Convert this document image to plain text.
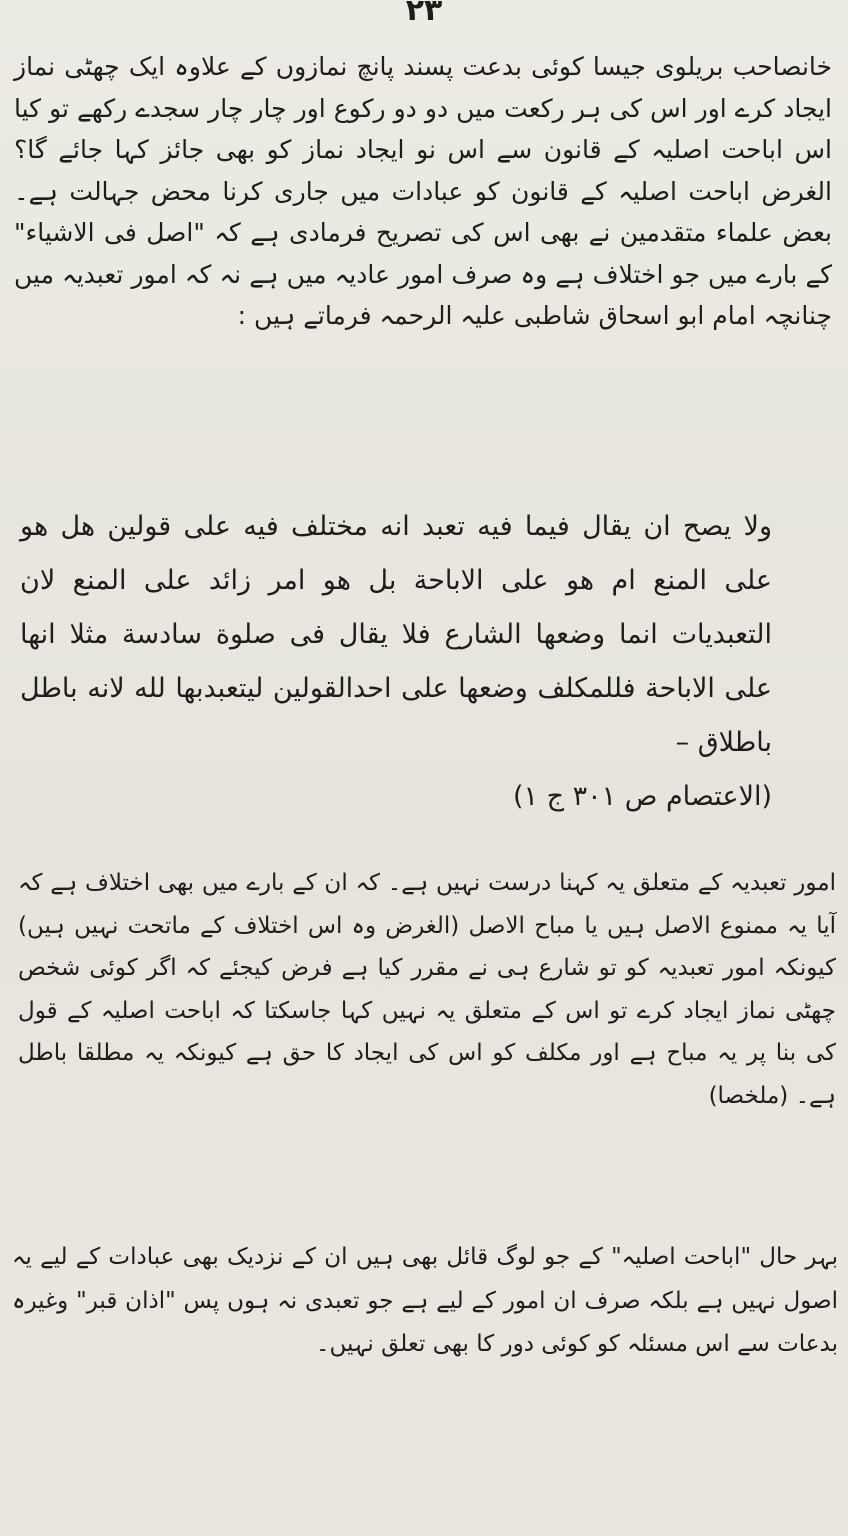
٢٣

خانصاحب بریلوی جیسا کوئی بدعت پسند پانچ نمازوں کے علاوہ ایک چھٹی نماز ایجاد کرے اور اس کی ہر رکعت میں دو دو رکوع اور چار چار سجدے رکھے تو کیا اس اباحت اصلیہ کے قانون سے اس نو ایجاد نماز کو بھی جائز کہا جائے گا؟ الغرض اباحت اصلیہ کے قانون کو عبادات میں جاری کرنا محض جہالت ہے۔ بعض علماء متقدمین نے بھی اس کی تصریح فرمادی ہے کہ "اصل فی الاشیاء" کے بارے میں جو اختلاف ہے وہ صرف امور عادیہ میں ہے نہ کہ امور تعبدیہ میں چنانچہ امام ابو اسحاق شاطبی علیہ الرحمہ فرماتے ہیں :

ولا يصح ان يقال فيما فيه تعبد انه مختلف فيه على قولين هل هو على المنع ام هو على الاباحة بل هو امر زائد على المنع لان التعبديات انما وضعها الشارع فلا يقال فى صلوة سادسة مثلا انها على الاباحة فللمكلف وضعها على احدالقولين ليتعبدبها لله لانه باطل باطلاق –
(الاعتصام ص ۳۰۱ ج ۱)

امور تعبدیہ کے متعلق یہ کہنا درست نہیں ہے۔ کہ ان کے بارے میں بھی اختلاف ہے کہ آیا یہ ممنوع الاصل ہیں یا مباح الاصل (الغرض وہ اس اختلاف کے ماتحت نہیں ہیں) کیونکہ امور تعبدیہ کو تو شارع ہی نے مقرر کیا ہے فرض کیجئے کہ اگر کوئی شخص چھٹی نماز ایجاد کرے تو اس کے متعلق یہ نہیں کہا جاسکتا کہ اباحت اصلیہ کے قول کی بنا پر یہ مباح ہے اور مکلف کو اس کی ایجاد کا حق ہے کیونکہ یہ مطلقا باطل ہے۔ (ملخصا)

بہر حال "اباحت اصلیہ" کے جو لوگ قائل بھی ہیں ان کے نزدیک بھی عبادات کے لیے یہ اصول نہیں ہے بلکہ صرف ان امور کے لیے ہے جو تعبدی نہ ہوں پس "اذان قبر" وغیرہ بدعات سے اس مسئلہ کو کوئی دور کا بھی تعلق نہیں۔
